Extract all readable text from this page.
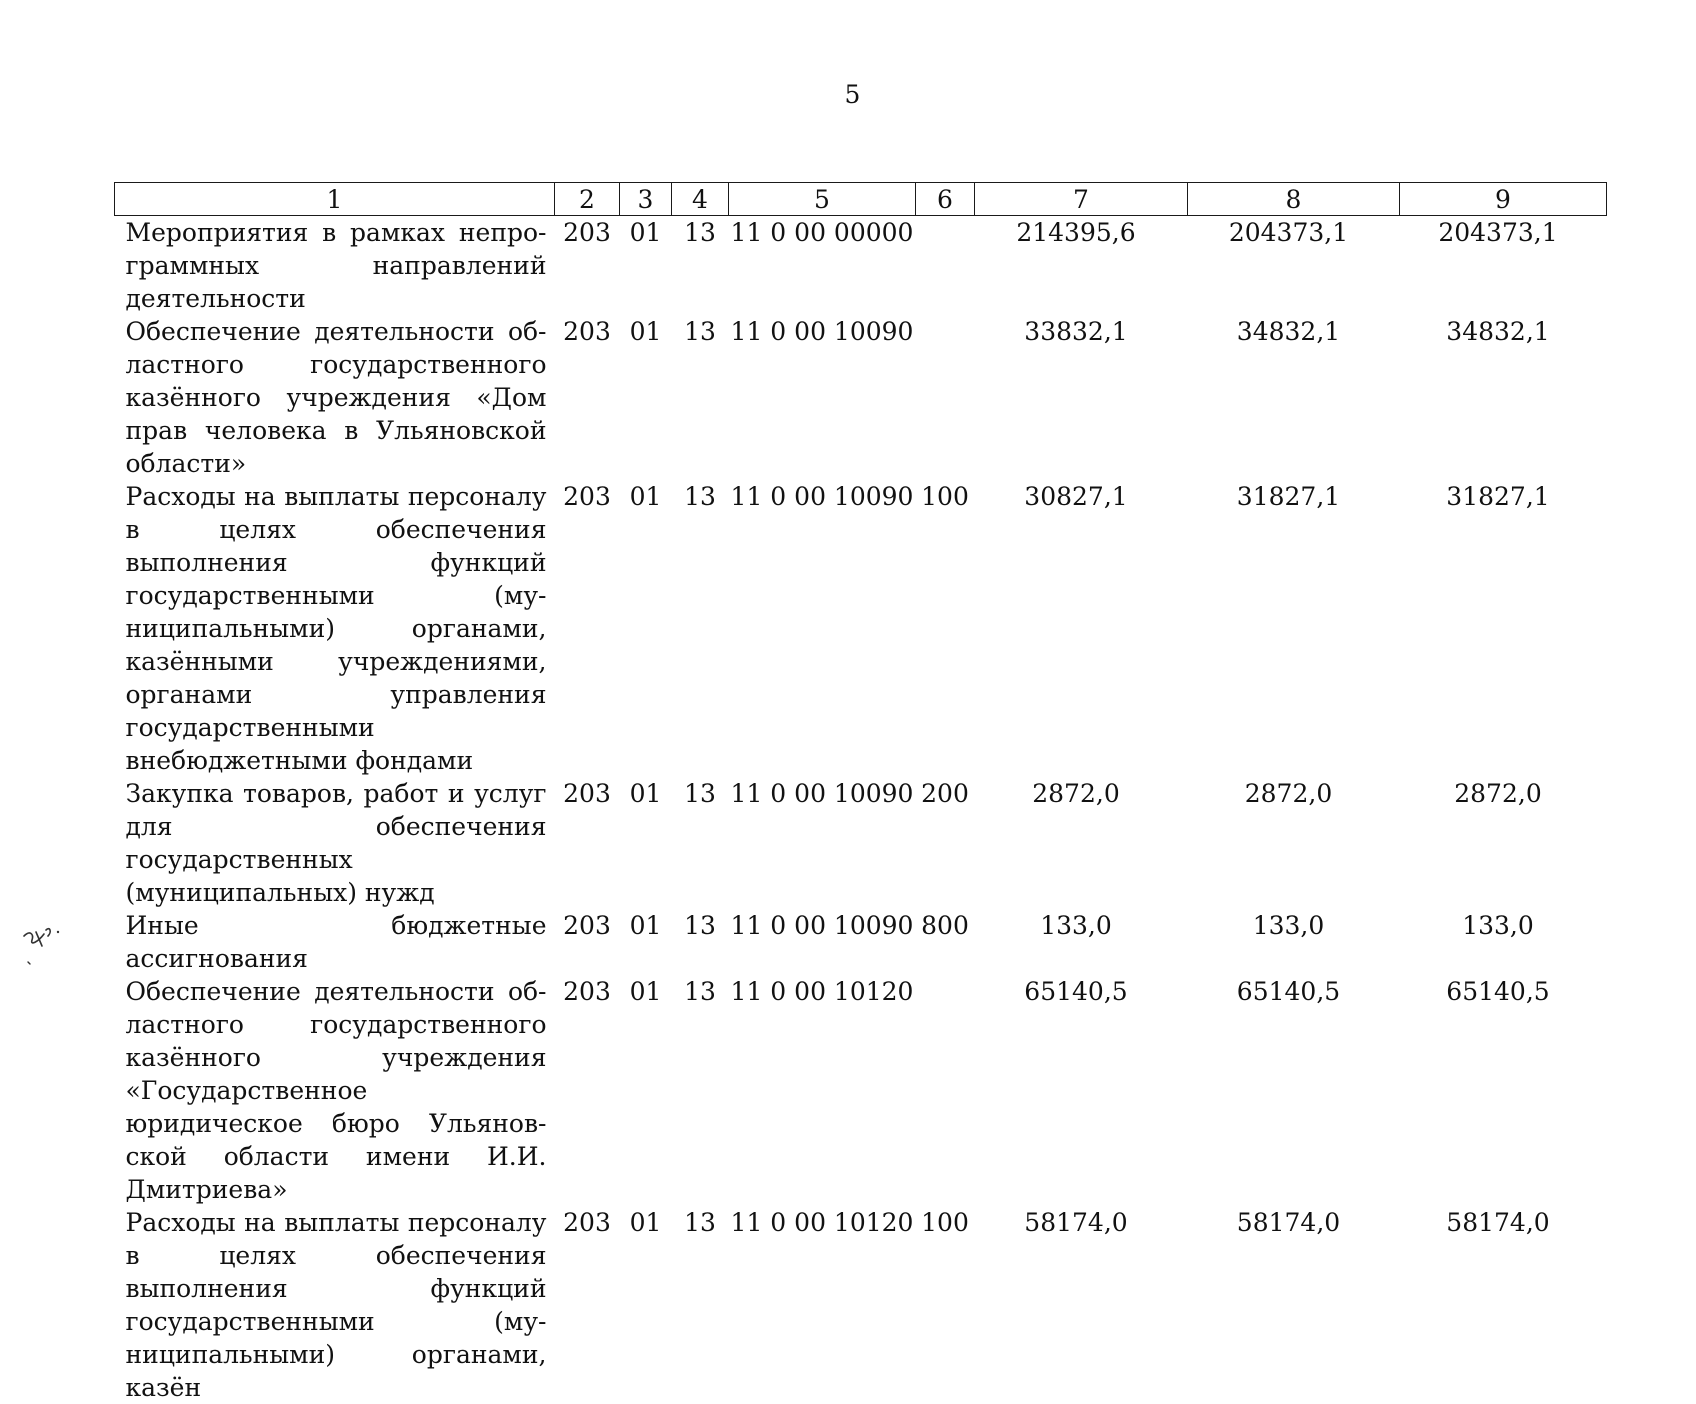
5
1	2	3	4	5	6	7	8	9

Мероприятия в рамках непрограммных направлений деятельности	203	01	13	11 0 00 00000		214395,6	204373,1	204373,1

Обеспечение деятельности областного государственного казённого учреждения «Дом прав человека в Ульяновской области»	203	01	13	11 0 00 10090		33832,1	34832,1	34832,1

Расходы на выплаты персоналу в целях обеспечения выполнения функций государственными (муниципальными) органами, казёнными учреждениями, органами управления государственными внебюджетными фондами	203	01	13	11 0 00 10090	100	30827,1	31827,1	31827,1

Закупка товаров, работ и услуг для обеспечения государственных (муниципальных) нужд	203	01	13	11 0 00 10090	200	2872,0	2872,0	2872,0

Иные бюджетные ассигнования	203	01	13	11 0 00 10090	800	133,0	133,0	133,0

Обеспечение деятельности областного государственного казённого учреждения «Государственное юридическое бюро Ульяновской области имени И.И. Дмитриева»	203	01	13	11 0 00 10120		65140,5	65140,5	65140,5

Расходы на выплаты персоналу в целях обеспечения выполнения функций государственными (муниципальными) органами, казён	203	01	13	11 0 00 10120	100	58174,0	58174,0	58174,0
